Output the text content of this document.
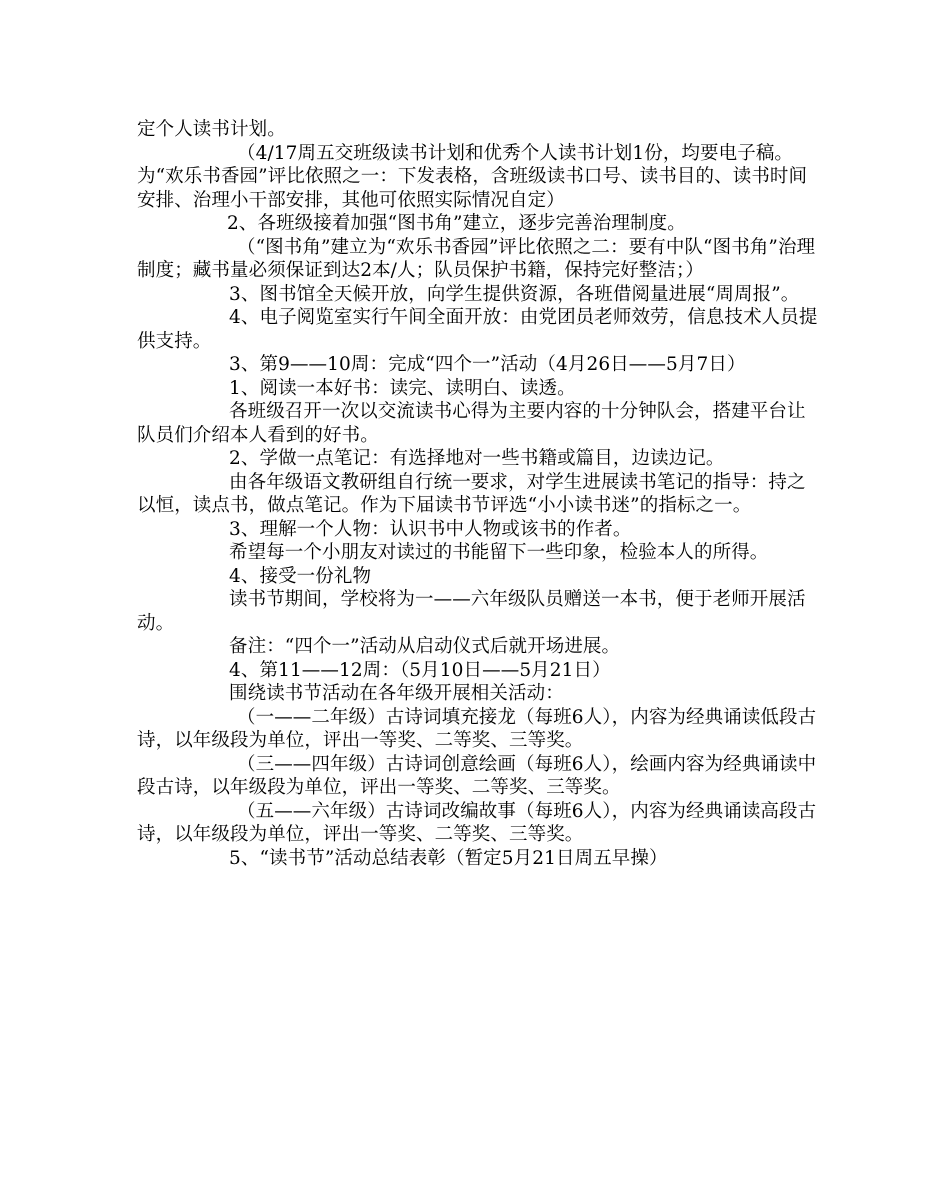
定个人读书计划。

（4/17周五交班级读书计划和优秀个人读书计划1份，均要电子稿。为“欢乐书香园”评比依照之一：下发表格，含班级读书口号、读书目的、读书时间安排、治理小干部安排，其他可依照实际情况自定）

2、各班级接着加强“图书角”建立，逐步完善治理制度。

（“图书角”建立为“欢乐书香园”评比依照之二：要有中队“图书角”治理制度；藏书量必须保证到达2本/人；队员保护书籍，保持完好整洁；）

3、图书馆全天候开放，向学生提供资源，各班借阅量进展“周周报”。

4、电子阅览室实行午间全面开放：由党团员老师效劳，信息技术人员提供支持。

3、第9——10周：完成“四个一”活动（4月26日——5月7日）

1、阅读一本好书：读完、读明白、读透。

各班级召开一次以交流读书心得为主要内容的十分钟队会，搭建平台让队员们介绍本人看到的好书。

2、学做一点笔记：有选择地对一些书籍或篇目，边读边记。

由各年级语文教研组自行统一要求，对学生进展读书笔记的指导：持之以恒，读点书，做点笔记。作为下届读书节评选“小小读书迷”的指标之一。

3、理解一个人物：认识书中人物或该书的作者。

希望每一个小朋友对读过的书能留下一些印象，检验本人的所得。

4、接受一份礼物

读书节期间，学校将为一——六年级队员赠送一本书，便于老师开展活动。

备注：“四个一”活动从启动仪式后就开场进展。

4、第11——12周：（5月10日——5月21日）

围绕读书节活动在各年级开展相关活动：

（一——二年级）古诗词填充接龙（每班6人），内容为经典诵读低段古诗，以年级段为单位，评出一等奖、二等奖、三等奖。

（三——四年级）古诗词创意绘画（每班6人），绘画内容为经典诵读中段古诗，以年级段为单位，评出一等奖、二等奖、三等奖。

（五——六年级）古诗词改编故事（每班6人），内容为经典诵读高段古诗，以年级段为单位，评出一等奖、二等奖、三等奖。

5、“读书节”活动总结表彰（暂定5月21日周五早操）
